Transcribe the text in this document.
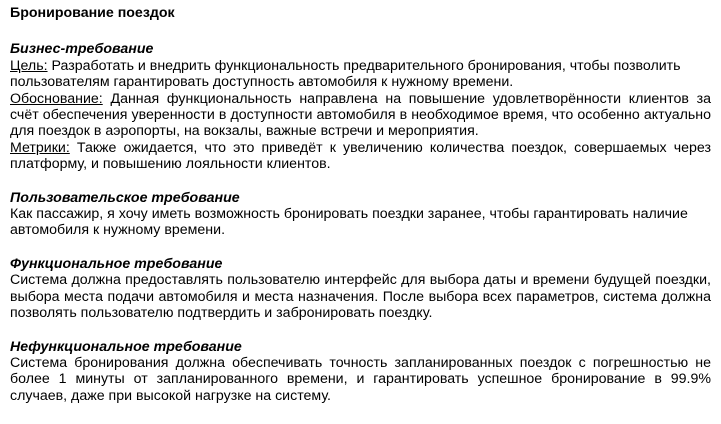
Бронирование поездок
Бизнес-требование

Цель: Разработать и внедрить функциональность предварительного бронирования, чтобы позволить пользователям гарантировать доступность автомобиля к нужному времени.

Обоснование: Данная функциональность направлена на повышение удовлетворённости клиентов за счёт обеспечения уверенности в доступности автомобиля в необходимое время, что особенно актуально для поездок в аэропорты, на вокзалы, важные встречи и мероприятия.

Метрики: Также ожидается, что это приведёт к увеличению количества поездок, совершаемых через платформу, и повышению лояльности клиентов.

Пользовательское требование

Как пассажир, я хочу иметь возможность бронировать поездки заранее, чтобы гарантировать наличие автомобиля к нужному времени.

Функциональное требование

Система должна предоставлять пользователю интерфейс для выбора даты и времени будущей поездки, выбора места подачи автомобиля и места назначения. После выбора всех параметров, система должна позволять пользователю подтвердить и забронировать поездку.

Нефункциональное требование

Система бронирования должна обеспечивать точность запланированных поездок с погрешностью не более 1 минуты от запланированного времени, и гарантировать успешное бронирование в 99.9% случаев, даже при высокой нагрузке на систему.
